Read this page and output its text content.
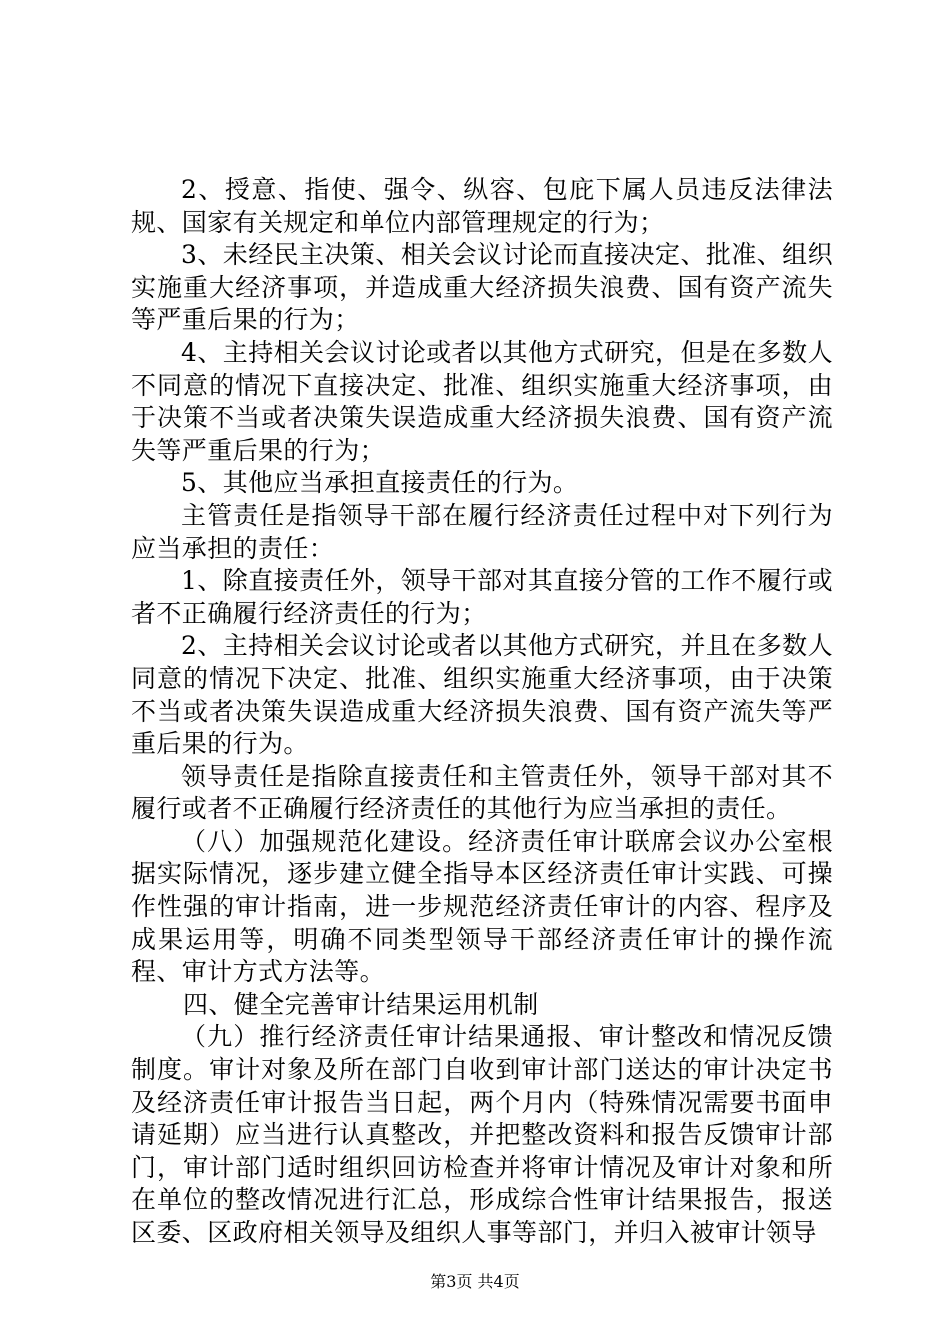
2、授意、指使、强令、纵容、包庇下属人员违反法律法规、国家有关规定和单位内部管理规定的行为；

3、未经民主决策、相关会议讨论而直接决定、批准、组织实施重大经济事项，并造成重大经济损失浪费、国有资产流失等严重后果的行为；

4、主持相关会议讨论或者以其他方式研究，但是在多数人不同意的情况下直接决定、批准、组织实施重大经济事项，由于决策不当或者决策失误造成重大经济损失浪费、国有资产流失等严重后果的行为；

5、其他应当承担直接责任的行为。

主管责任是指领导干部在履行经济责任过程中对下列行为应当承担的责任：

1、除直接责任外，领导干部对其直接分管的工作不履行或者不正确履行经济责任的行为；

2、主持相关会议讨论或者以其他方式研究，并且在多数人同意的情况下决定、批准、组织实施重大经济事项，由于决策不当或者决策失误造成重大经济损失浪费、国有资产流失等严重后果的行为。

领导责任是指除直接责任和主管责任外，领导干部对其不履行或者不正确履行经济责任的其他行为应当承担的责任。

（八）加强规范化建设。经济责任审计联席会议办公室根据实际情况，逐步建立健全指导本区经济责任审计实践、可操作性强的审计指南，进一步规范经济责任审计的内容、程序及成果运用等，明确不同类型领导干部经济责任审计的操作流程、审计方式方法等。

四、健全完善审计结果运用机制

（九）推行经济责任审计结果通报、审计整改和情况反馈制度。审计对象及所在部门自收到审计部门送达的审计决定书及经济责任审计报告当日起，两个月内（特殊情况需要书面申请延期）应当进行认真整改，并把整改资料和报告反馈审计部门，审计部门适时组织回访检查并将审计情况及审计对象和所在单位的整改情况进行汇总，形成综合性审计结果报告，报送区委、区政府相关领导及组织人事等部门，并归入被审计领导

第3页 共4页
